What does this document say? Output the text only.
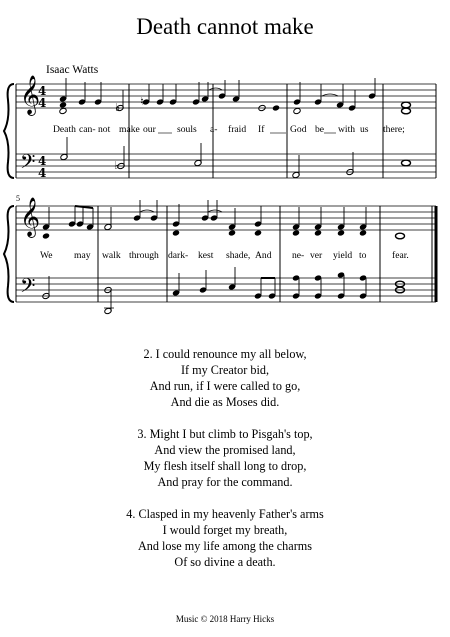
Death cannot make
Isaac Watts
𝄞
𝄢
4
4
4
4
♭ ♮
♭
Death can- not make our souls a- fraid If	God be with us there;
5 𝄞
𝄢
We may walk through dark- kest shade, And ne- ver yield to	fear.
2. I could renounce my all below,
If my Creator bid,
And run, if I were called to go,
And die as Moses did.
3. Might I but climb to Pisgah's top,
And view the promised land,
My flesh itself shall long to drop,
And pray for the command.
4. Clasped in my heavenly Father's arms
I would forget my breath,
And lose my life among the charms
Of so divine a death.
Music © 2018 Harry Hicks
